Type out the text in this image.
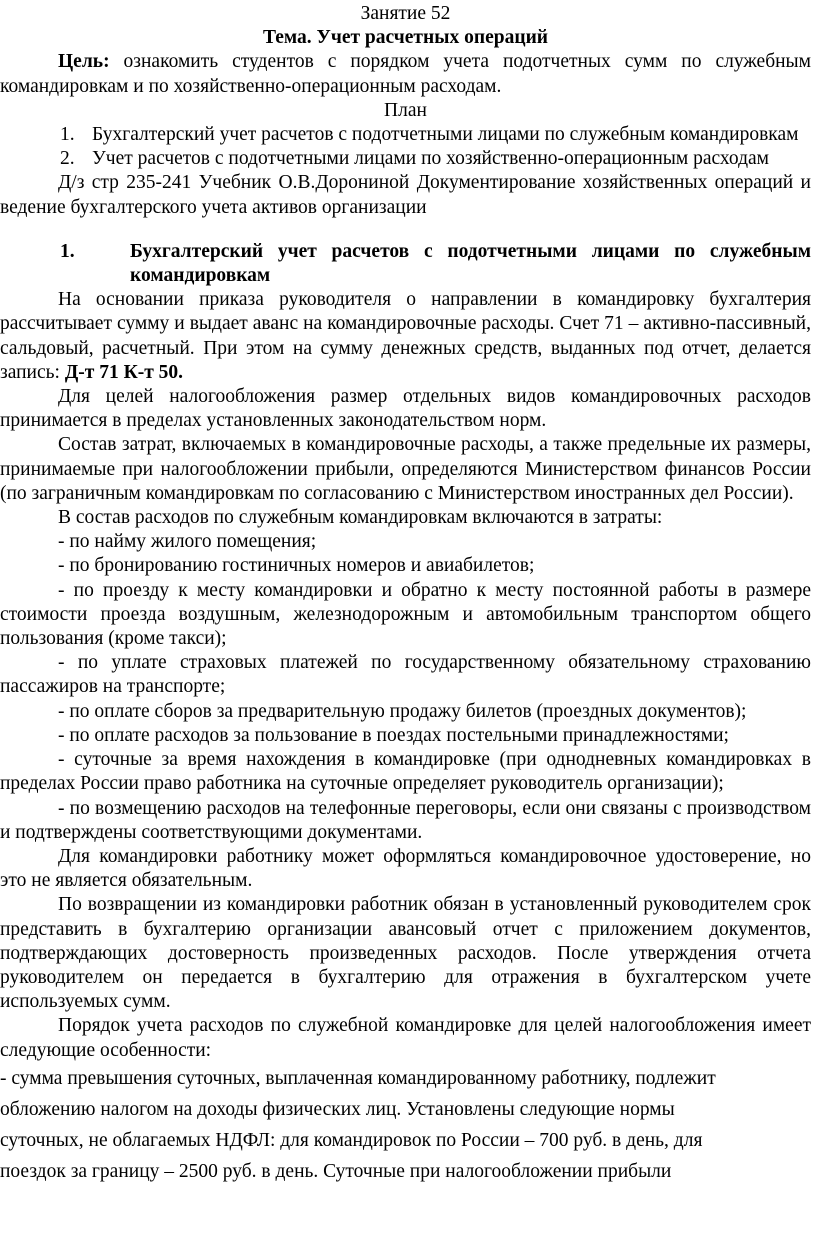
Занятие 52

Тема. Учет расчетных операций

Цель: ознакомить студентов с порядком учета подотчетных сумм по служебным командировкам и по хозяйственно-операционным расходам.

План

1. Бухгалтерский учет расчетов с подотчетными лицами по служебным командировкам
2. Учет расчетов с подотчетными лицами по хозяйственно-операционным расходам

Д/з стр 235-241 Учебник О.В.Дорониной Документирование хозяйственных операций и ведение бухгалтерского учета активов организации

1.	Бухгалтерский учет расчетов с подотчетными лицами по служебным командировкам

На основании приказа руководителя о направлении в командировку бухгалтерия рассчитывает сумму и выдает аванс на командировочные расходы. Счет 71 – активно-пассивный, сальдовый, расчетный. При этом на сумму денежных средств, выданных под отчет, делается запись: Д-т 71 К-т 50.

Для целей налогообложения размер отдельных видов командировочных расходов принимается в пределах установленных законодательством норм.

Состав затрат, включаемых в командировочные расходы, а также предельные их размеры, принимаемые при налогообложении прибыли, определяются Министерством финансов России (по заграничным командировкам по согласованию с Министерством иностранных дел России).

В состав расходов по служебным командировкам включаются в затраты:

- по найму жилого помещения;

- по бронированию гостиничных номеров и авиабилетов;

- по проезду к месту командировки и обратно к месту постоянной работы в размере стоимости проезда воздушным, железнодорожным и автомобильным транспортом общего пользования (кроме такси);

- по уплате страховых платежей по государственному обязательному страхованию пассажиров на транспорте;

- по оплате сборов за предварительную продажу билетов (проездных документов);

- по оплате расходов за пользование в поездах постельными принадлежностями;

- суточные за время нахождения в командировке (при однодневных командировках в пределах России право работника на суточные определяет руководитель организации);

- по возмещению расходов на телефонные переговоры, если они связаны с производством и подтверждены соответствующими документами.

Для командировки работнику может оформляться командировочное удостоверение, но это не является обязательным.

По возвращении из командировки работник обязан в установленный руководителем срок представить в бухгалтерию организации авансовый отчет с приложением документов, подтверждающих достоверность произведенных расходов. После утверждения отчета руководителем он передается в бухгалтерию для отражения в бухгалтерском учете используемых сумм.

Порядок учета расходов по служебной командировке для целей налогообложения имеет следующие особенности:

- сумма превышения суточных, выплаченная командированному работнику, подлежит

обложению налогом на доходы физических лиц. Установлены следующие нормы

суточных, не облагаемых НДФЛ: для командировок по России – 700 руб. в день, для

поездок за границу – 2500 руб. в день. Суточные при налогообложении прибыли
